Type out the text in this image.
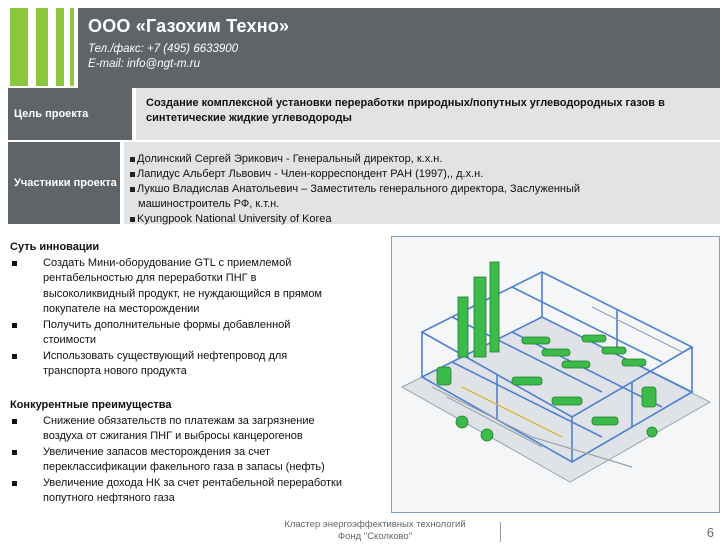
ООО «Газохим Техно»
Тел./факс: +7 (495) 6633900
E-mail: info@ngt-m.ru
Цель проекта
Создание комплексной установки переработки природных/попутных углеводородных газов в синтетические жидкие углеводороды
Участники проекта
Долинский Сергей Эрикович - Генеральный директор, к.х.н.
Лапидус Альберт Львович - Член-корреспондент РАН (1997),, д.х.н.
Лукшо Владислав Анатольевич – Заместитель генерального директора, Заслуженный
машиностроитель РФ, к.т.н.
Kyungpook National University of Korea
Суть инновации
Создать Мини-оборудование GTL с приемлемой рентабельностью для переработки ПНГ в высоколиквидный продукт, не нуждающийся в прямом покупателе на месторождении
Получить дополнительные формы добавленной стоимости
Использовать существующий нефтепровод для транспорта нового продукта
Конкурентные преимущества
Снижение обязательств по платежам за загрязнение воздуха от сжигания ПНГ и выбросы канцерогенов
Увеличение запасов месторождения за счет переклассификации факельного газа в запасы (нефть)
Увеличение дохода НК за счет рентабельной переработки попутного нефтяного газа
Кластер энергоэффективных технологий
Фонд "Сколково"	6
